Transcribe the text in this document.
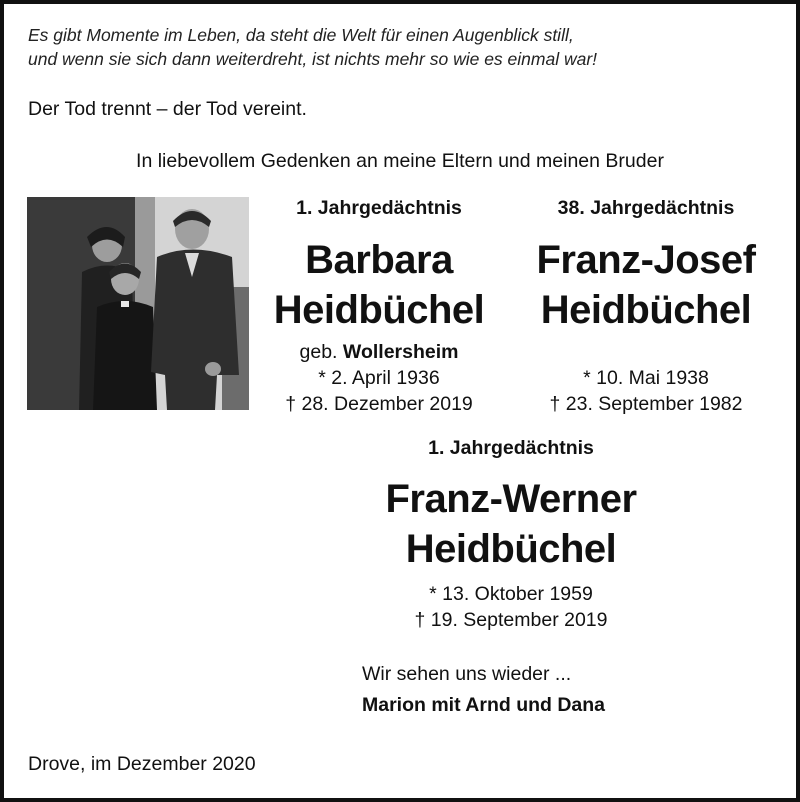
Es gibt Momente im Leben, da steht die Welt für einen Augenblick still,
und wenn sie sich dann weiterdreht, ist nichts mehr so wie es einmal war!
Der Tod trennt – der Tod vereint.
In liebevollem Gedenken an meine Eltern und meinen Bruder
1. Jahrgedächtnis
Barbara
Heidbüchel
geb. Wollersheim
* 2. April 1936
† 28. Dezember 2019
38. Jahrgedächtnis
Franz-Josef
Heidbüchel
* 10. Mai 1938
† 23. September 1982
1. Jahrgedächtnis
Franz-Werner
Heidbüchel
* 13. Oktober 1959
† 19. September 2019
Wir sehen uns wieder ...
Marion mit Arnd und Dana
Drove, im Dezember 2020
